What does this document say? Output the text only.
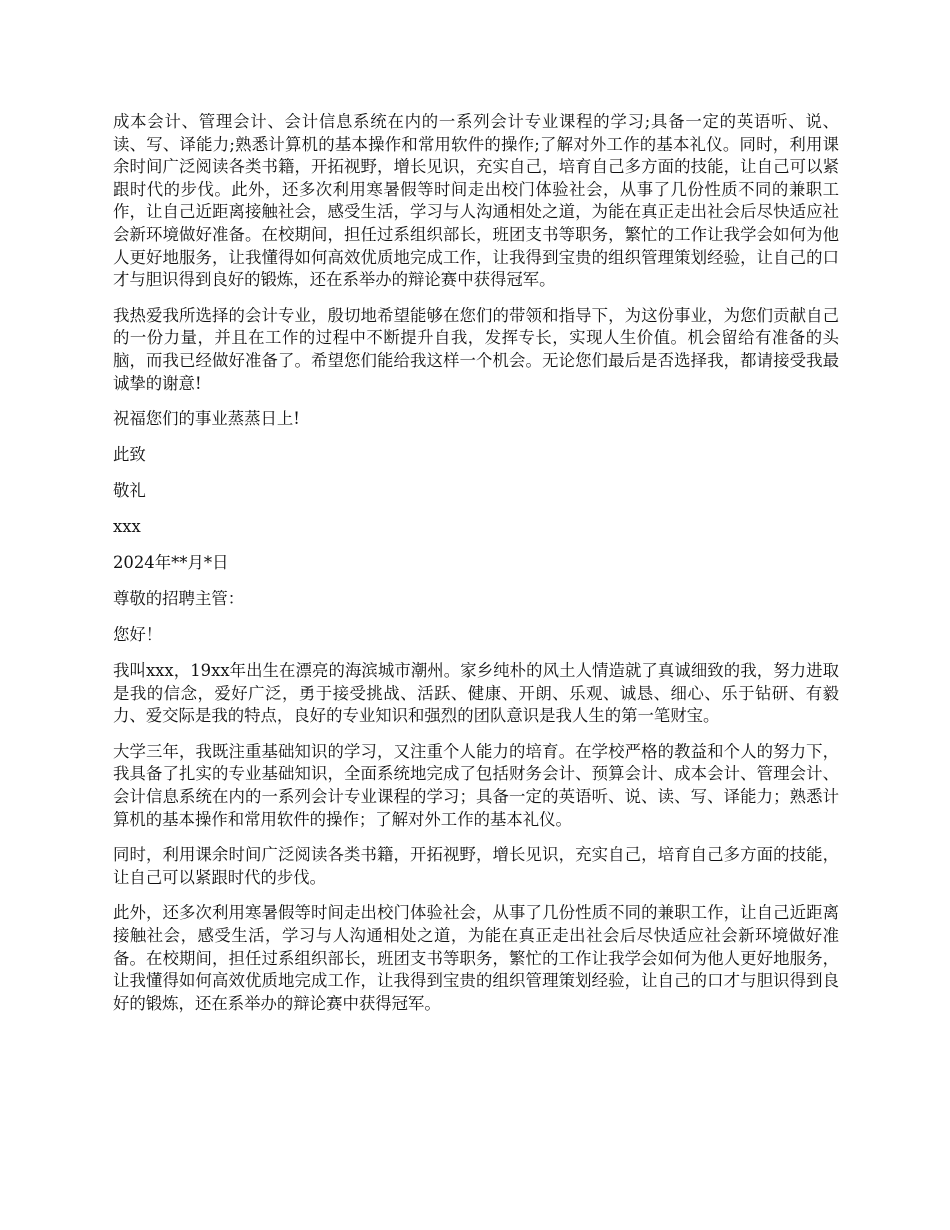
成本会计、管理会计、会计信息系统在内的一系列会计专业课程的学习;具备一定的英语听、说、读、写、译能力;熟悉计算机的基本操作和常用软件的操作;了解对外工作的基本礼仪。同时，利用课余时间广泛阅读各类书籍，开拓视野，增长见识，充实自己，培育自己多方面的技能，让自己可以紧跟时代的步伐。此外，还多次利用寒暑假等时间走出校门体验社会，从事了几份性质不同的兼职工作，让自己近距离接触社会，感受生活，学习与人沟通相处之道，为能在真正走出社会后尽快适应社会新环境做好准备。在校期间，担任过系组织部长，班团支书等职务，繁忙的工作让我学会如何为他人更好地服务，让我懂得如何高效优质地完成工作，让我得到宝贵的组织管理策划经验，让自己的口才与胆识得到良好的锻炼，还在系举办的辩论赛中获得冠军。

我热爱我所选择的会计专业，殷切地希望能够在您们的带领和指导下，为这份事业，为您们贡献自己的一份力量，并且在工作的过程中不断提升自我，发挥专长，实现人生价值。机会留给有准备的头脑，而我已经做好准备了。希望您们能给我这样一个机会。无论您们最后是否选择我，都请接受我最诚挚的谢意!

祝福您们的事业蒸蒸日上!

此致

敬礼

xxx

2024年**月*日

尊敬的招聘主管：

您好！

我叫xxx，19xx年出生在漂亮的海滨城市潮州。家乡纯朴的风土人情造就了真诚细致的我，努力进取是我的信念，爱好广泛，勇于接受挑战、活跃、健康、开朗、乐观、诚恳、细心、乐于钻研、有毅力、爱交际是我的特点，良好的专业知识和强烈的团队意识是我人生的第一笔财宝。

大学三年，我既注重基础知识的学习，又注重个人能力的培育。在学校严格的教益和个人的努力下，我具备了扎实的专业基础知识，全面系统地完成了包括财务会计、预算会计、成本会计、管理会计、会计信息系统在内的一系列会计专业课程的学习；具备一定的英语听、说、读、写、译能力；熟悉计算机的基本操作和常用软件的操作；了解对外工作的基本礼仪。

同时，利用课余时间广泛阅读各类书籍，开拓视野，增长见识，充实自己，培育自己多方面的技能，让自己可以紧跟时代的步伐。

此外，还多次利用寒暑假等时间走出校门体验社会，从事了几份性质不同的兼职工作，让自己近距离接触社会，感受生活，学习与人沟通相处之道，为能在真正走出社会后尽快适应社会新环境做好准备。在校期间，担任过系组织部长，班团支书等职务，繁忙的工作让我学会如何为他人更好地服务，让我懂得如何高效优质地完成工作，让我得到宝贵的组织管理策划经验，让自己的口才与胆识得到良好的锻炼，还在系举办的辩论赛中获得冠军。
